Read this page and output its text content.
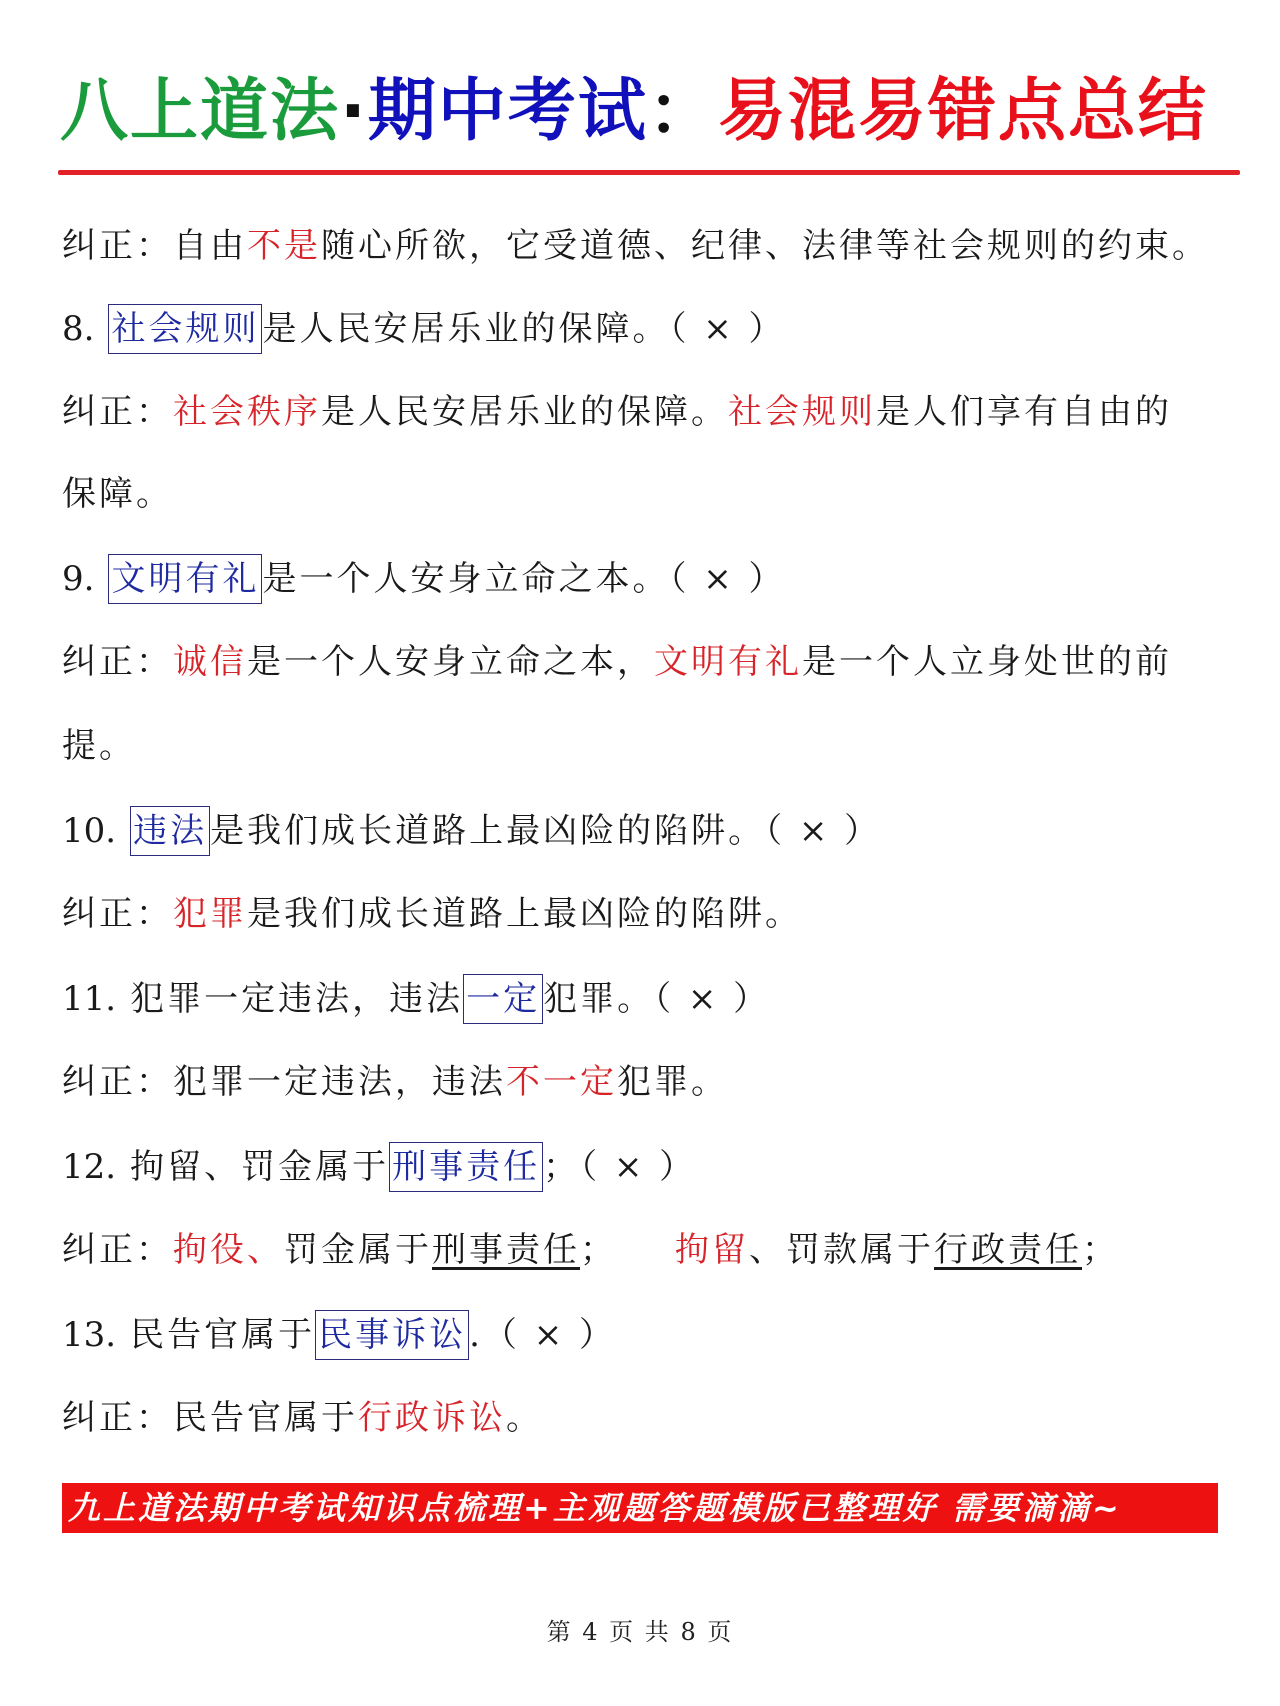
八上道法·期中考试：易混易错点总结
纠正：自由不是随心所欲，它受道德、纪律、法律等社会规则的约束。
8. 社会规则是人民安居乐业的保障。（ × ）
纠正：社会秩序是人民安居乐业的保障。社会规则是人们享有自由的
保障。
9. 文明有礼是一个人安身立命之本。（ × ）
纠正：诚信是一个人安身立命之本，文明有礼是一个人立身处世的前
提。
10. 违法是我们成长道路上最凶险的陷阱。（ × ）
纠正：犯罪是我们成长道路上最凶险的陷阱。
11. 犯罪一定违法，违法一定犯罪。（ × ）
纠正：犯罪一定违法，违法不一定犯罪。
12. 拘留、罚金属于刑事责任；（ × ）
纠正：拘役、罚金属于刑事责任； 拘留、罚款属于行政责任；
13. 民告官属于民事诉讼.（ × ）
纠正：民告官属于行政诉讼。
九上道法期中考试知识点梳理+主观题答题模版已整理好 需要滴滴~
第 4 页 共 8 页
